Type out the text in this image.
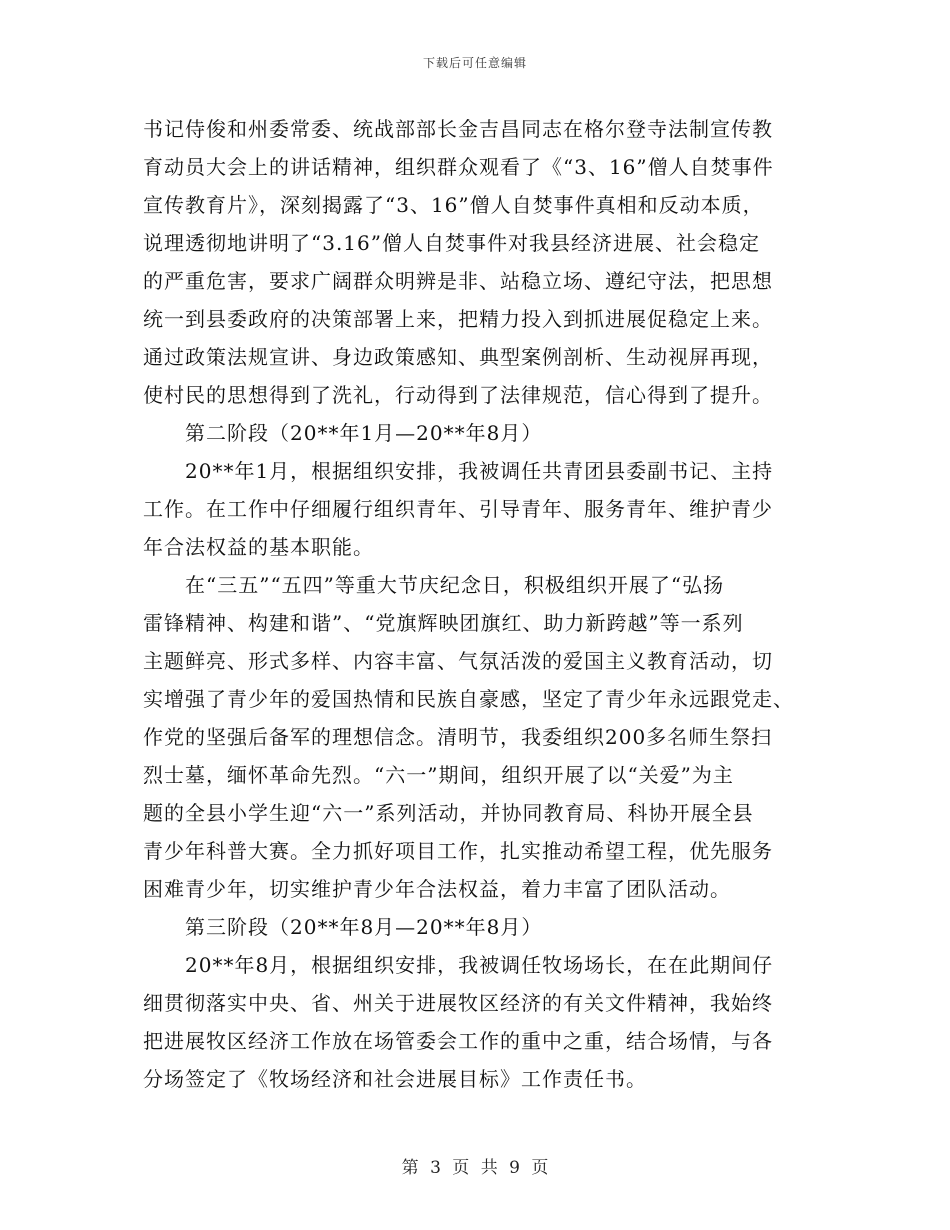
下载后可任意编辑
书记侍俊和州委常委、统战部部长金吉昌同志在格尔登寺法制宣传教
育动员大会上的讲话精神，组织群众观看了《“3、16”僧人自焚事件
宣传教育片》，深刻揭露了“3、16”僧人自焚事件真相和反动本质，
说理透彻地讲明了“3.16”僧人自焚事件对我县经济进展、社会稳定
的严重危害，要求广阔群众明辨是非、站稳立场、遵纪守法，把思想
统一到县委政府的决策部署上来，把精力投入到抓进展促稳定上来。
通过政策法规宣讲、身边政策感知、典型案例剖析、生动视屏再现，
使村民的思想得到了洗礼，行动得到了法律规范，信心得到了提升。
第二阶段（20**年1月—20**年8月）
20**年1月，根据组织安排，我被调任共青团县委副书记、主持
工作。在工作中仔细履行组织青年、引导青年、服务青年、维护青少
年合法权益的基本职能。
在“三五”“五四”等重大节庆纪念日，积极组织开展了“弘扬
雷锋精神、构建和谐”、“党旗辉映团旗红、助力新跨越”等一系列
主题鲜亮、形式多样、内容丰富、气氛活泼的爱国主义教育活动，切
实增强了青少年的爱国热情和民族自豪感，坚定了青少年永远跟党走、
作党的坚强后备军的理想信念。清明节，我委组织200多名师生祭扫
烈士墓，缅怀革命先烈。“六一”期间，组织开展了以“关爱”为主
题的全县小学生迎“六一”系列活动，并协同教育局、科协开展全县
青少年科普大赛。全力抓好项目工作，扎实推动希望工程，优先服务
困难青少年，切实维护青少年合法权益，着力丰富了团队活动。
第三阶段（20**年8月—20**年8月）
20**年8月，根据组织安排，我被调任牧场场长，在在此期间仔
细贯彻落实中央、省、州关于进展牧区经济的有关文件精神，我始终
把进展牧区经济工作放在场管委会工作的重中之重，结合场情，与各
分场签定了《牧场经济和社会进展目标》工作责任书。
第 3 页 共 9 页
